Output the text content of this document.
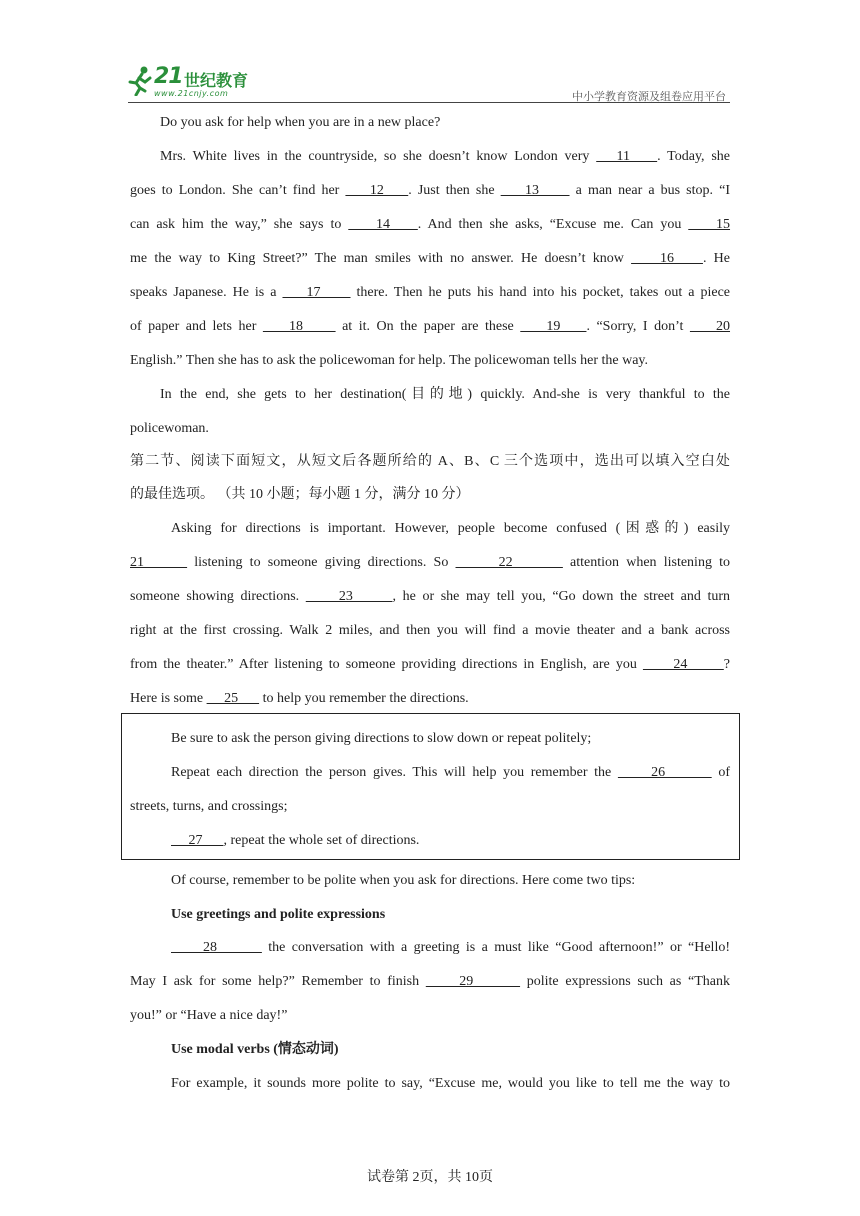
21 世纪教育
www.21cnjy.com	中小学教育资源及组卷应用平台
Do you ask for help when you are in a new place?
Mrs. White lives in the countryside, so she doesn’t know London very    11    . Today, she
goes to London. She can’t find her     12    . Just then she     13      a man near a bus stop. “I
can ask him the way,” she says to     14    . And then she asks, “Excuse me. Can you     15
me the way to King Street?” The man smiles with no answer. He doesn’t know     16    . He
speaks Japanese. He is a     17      there. Then he puts his hand into his pocket, takes out a piece
of paper and lets her     18      at it. On the paper are these     19    . “Sorry, I don’t     20
English.” Then she has to ask the policewoman for help. The policewoman tells her the way.
In the end, she gets to her destination(目的地) quickly. And-she is very thankful to the
policewoman.
第二节、阅读下面短文，从短文后各题所给的 A、B、C 三个选项中，选出可以填入空白处
的最佳选项。 （共 10 小题；每小题 1 分，满分 10 分）
Asking for directions is important. However, people become confused (困惑的) easily
21       listening to someone giving directions. So       22        attention when listening to
someone showing directions.      23      , he or she may tell you, “Go down the street and turn
right at the first crossing. Walk 2 miles, and then you will find a movie theater and a bank across
from the theater.” After listening to someone providing directions in English, are you      24      ?
Here is some      25       to help you remember the directions.
Be sure to ask the person giving directions to slow down or repeat politely;
Repeat each direction the person gives. This will help you remember the      26        of
streets, turns, and crossings;
27      , repeat the whole set of directions.
Of course, remember to be polite when you ask for directions. Here come two tips:
Use greetings and polite expressions
28        the conversation with a greeting is a must like “Good afternoon!” or “Hello!
May I ask for some help?” Remember to finish      29        polite expressions such as “Thank
you!” or “Have a nice day!”
Use modal verbs (情态动词)
For example, it sounds more polite to say, “Excuse me, would you like to tell me the way to
试卷第 2页，共 10页
